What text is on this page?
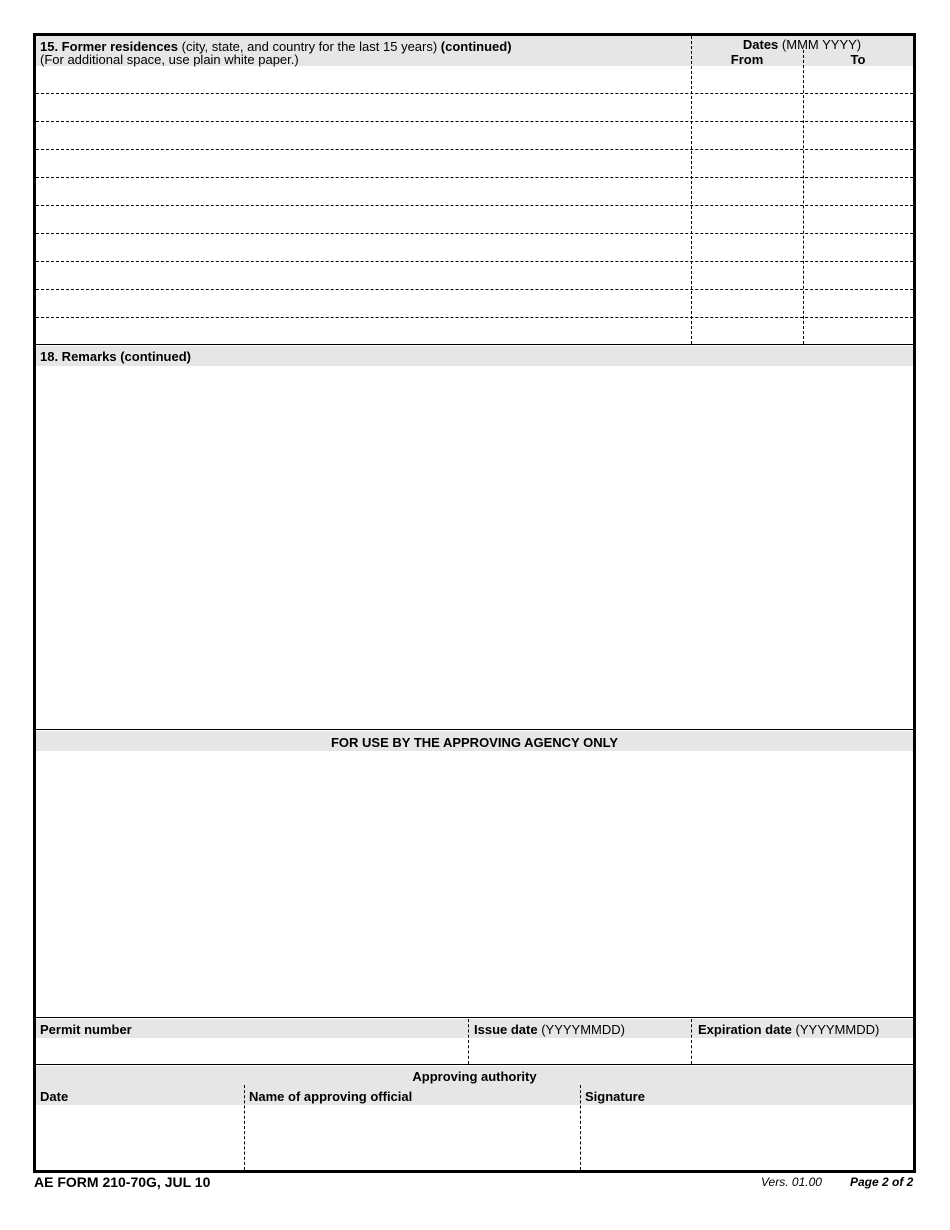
15. Former residences (city, state, and country for the last 15 years) (continued)
(For additional space, use plain white paper.)
Dates (MMM YYYY)
From	To
18. Remarks (continued)
FOR USE BY THE APPROVING AGENCY ONLY
Permit number	Issue date (YYYYMMDD)	Expiration date (YYYYMMDD)
Approving authority
Date	Name of approving official	Signature
AE FORM 210-70G, JUL 10	Vers. 01.00 Page 2 of 2
